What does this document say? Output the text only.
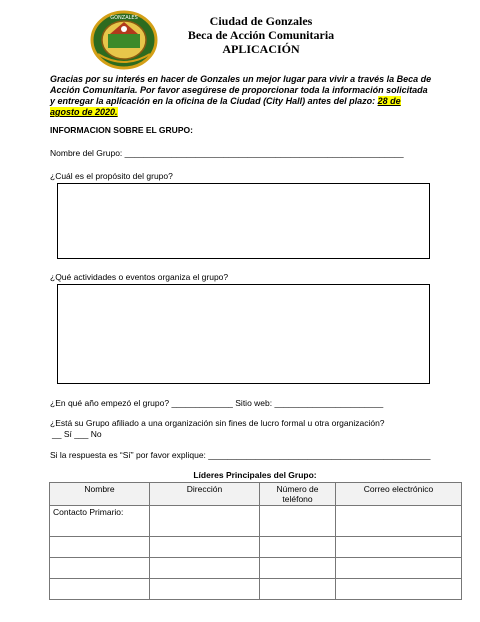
GONZALES	Ciudad de Gonzales
Beca de Acción Comunitaria
APLICACIÓN
Gracias por su interés en hacer de Gonzales un mejor lugar para vivir a través la Beca de Acción Comunitaria. Por favor asegúrese de proporcionar toda la información solicitada y entregar la aplicación en la oficina de la Ciudad (City Hall) antes del plazo: 28 de agosto de 2020.
INFORMACION SOBRE EL GRUPO:
Nombre del Grupo: ___________________________________________________________
¿Cuál es el propósito del grupo?
¿Qué actividades o eventos organiza el grupo?
¿En qué año empezó el grupo? _____________ Sitio web: _______________________
¿Está su Grupo afiliado a una organización sin fines de lucro formal u otra organización?
__ Sí ___ No
Si la respuesta es “Sí” por favor explique: _______________________________________________
Líderes Principales del Grupo:
Nombre	Dirección	Número de teléfono	Correo electrónico
Contacto Primario:			
